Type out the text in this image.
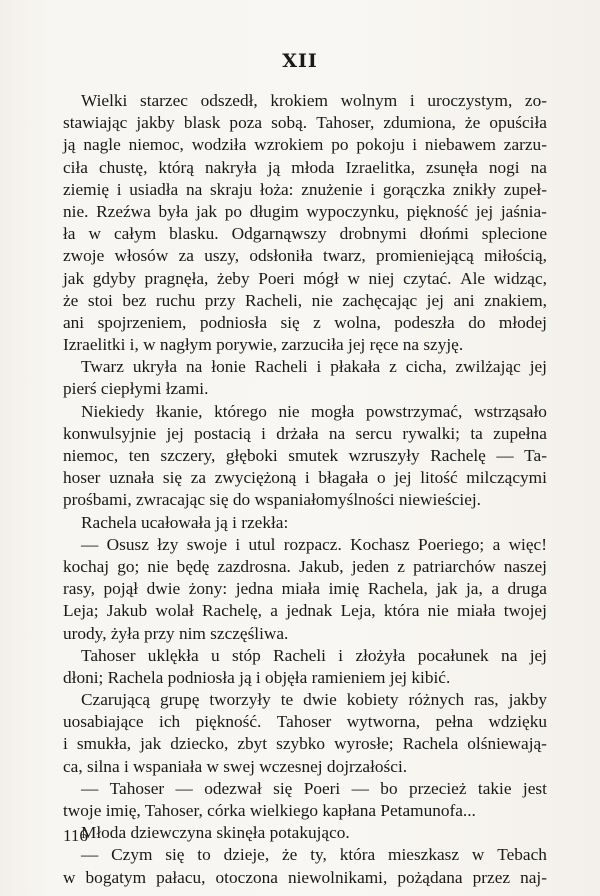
XII
Wielki starzec odszedł, krokiem wolnym i uroczystym, zo-
stawiając jakby blask poza sobą. Tahoser, zdumiona, że opuściła
ją nagle niemoc, wodziła wzrokiem po pokoju i niebawem zarzu-
ciła chustę, którą nakryła ją młoda Izraelitka, zsunęła nogi na
ziemię i usiadła na skraju łoża: znużenie i gorączka znikły zupeł-
nie. Rzeźwa była jak po długim wypoczynku, piękność jej jaśnia-
ła w całym blasku. Odgarnąwszy drobnymi dłońmi splecione
zwoje włosów za uszy, odsłoniła twarz, promieniejącą miłością,
jak gdyby pragnęła, żeby Poeri mógł w niej czytać. Ale widząc,
że stoi bez ruchu przy Racheli, nie zachęcając jej ani znakiem,
ani spojrzeniem, podniosła się z wolna, podeszła do młodej
Izraelitki i, w nagłym porywie, zarzuciła jej ręce na szyję.
Twarz ukryła na łonie Racheli i płakała z cicha, zwilżając jej
pierś ciepłymi łzami.
Niekiedy łkanie, którego nie mogła powstrzymać, wstrząsało
konwulsyjnie jej postacią i drżała na sercu rywalki; ta zupełna
niemoc, ten szczery, głęboki smutek wzruszyły Rachelę — Ta-
hoser uznała się za zwyciężoną i błagała o jej litość milczącymi
prośbami, zwracając się do wspaniałomyślności niewieściej.
Rachela ucałowała ją i rzekła:
— Osusz łzy swoje i utul rozpacz. Kochasz Poeriego; a więc!
kochaj go; nie będę zazdrosna. Jakub, jeden z patriarchów naszej
rasy, pojął dwie żony: jedna miała imię Rachela, jak ja, a druga
Leja; Jakub wolał Rachelę, a jednak Leja, która nie miała twojej
urody, żyła przy nim szczęśliwa.
Tahoser uklękła u stóp Racheli i złożyła pocałunek na jej
dłoni; Rachela podniosła ją i objęła ramieniem jej kibić.
Czarującą grupę tworzyły te dwie kobiety różnych ras, jakby
uosabiające ich piękność. Tahoser wytworna, pełna wdzięku
i smukła, jak dziecko, zbyt szybko wyrosłe; Rachela olśniewają-
ca, silna i wspaniała w swej wczesnej dojrzałości.
— Tahoser — odezwał się Poeri — bo przecież takie jest
twoje imię, Tahoser, córka wielkiego kapłana Petamunofa...
Młoda dziewczyna skinęła potakująco.
— Czym się to dzieje, że ty, która mieszkasz w Tebach
w bogatym pałacu, otoczona niewolnikami, pożądana przez naj-
116
